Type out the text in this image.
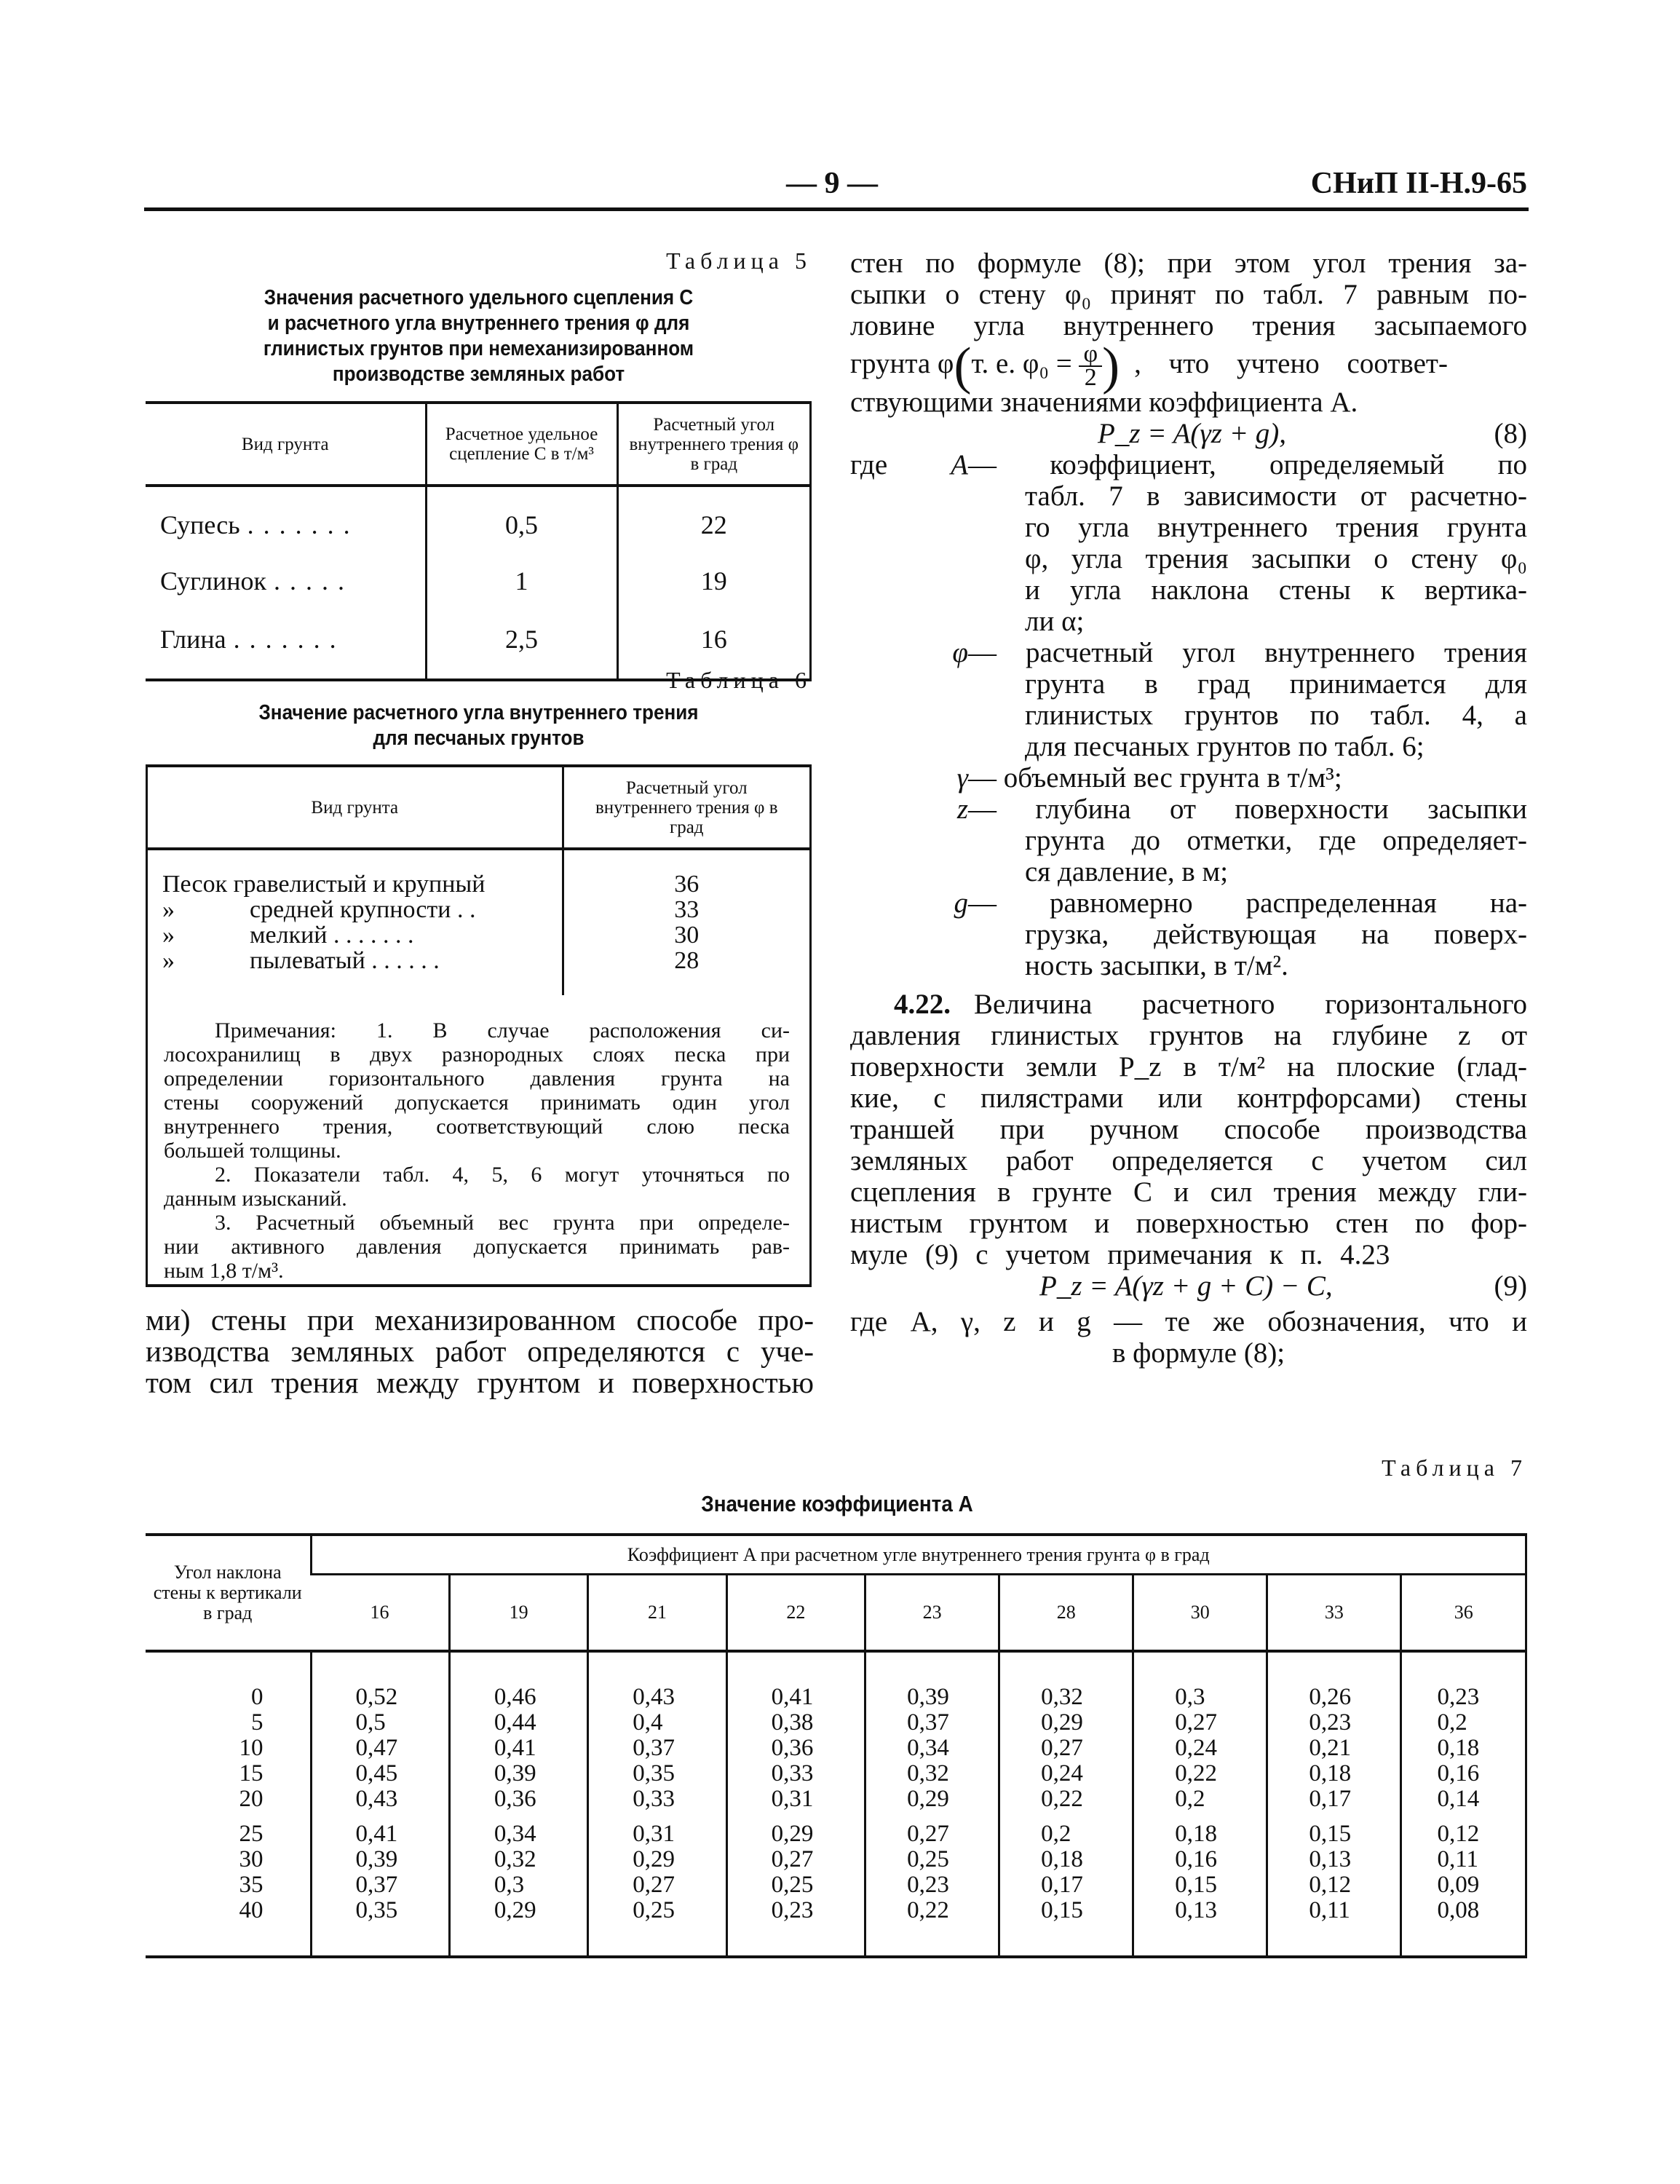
— 9 —	СНиП II-Н.9-65
Таблица 5
Значения расчетного удельного сцепления C
и расчетного угла внутреннего трения φ для
глинистых грунтов при немеханизированном
производстве земляных работ
Вид грунта	Расчетное удельное сцепление C в т/м³	Расчетный угол внутреннего трения φ в град
Супесь . . . . . . .	0,5	22
Суглинок . . . . .	1	19
Глина . . . . . . .	2,5	16
Таблица 6
Значение расчетного угла внутреннего трения
для песчаных грунтов
Вид грунта	Расчетный угол внутреннего трения φ в град
Песок гравелистый и крупный	36
» средней крупности . .	33
» мелкий . . . . . . .	30
» пылеватый . . . . . .	28

Примечания: 1. В случае расположения си-
лосохранилищ в двух разнородных слоях песка при
определении горизонтального давления грунта на
стены сооружений допускается принимать один угол
внутреннего трения, соответствующий слою песка
большей толщины.
2. Показатели табл. 4, 5, 6 могут уточняться по
данным изысканий.
3. Расчетный объемный вес грунта при определе-
нии активного давления допускается принимать рав-
ным 1,8 т/м³.
ми) стены при механизированном способе про-
изводства земляных работ определяются с уче-
том сил трения между грунтом и поверхностью
стен по формуле (8); при этом угол трения за-
сыпки о стену φ₀ принят по табл. 7 равным по-
ловине угла внутреннего трения засыпаемого
грунта φ(т. е. $\varphi_0 = \frac{\varphi}{2}$ ) , что учтено соответ-
ствующими значениями коэффициента A.
P_z = A(γz + g),	(8)
где A — коэффициент, определяемый по
табл. 7 в зависимости от расчетно-
го угла внутреннего трения грунта
φ, угла трения засыпки о стену φ₀
и угла наклона стены к вертика-
ли α;
φ — расчетный угол внутреннего трения
грунта в град принимается для
глинистых грунтов по табл. 4, а
для песчаных грунтов по табл. 6;
γ — объемный вес грунта в т/м³;
z — глубина от поверхности засыпки
грунта до отметки, где определяет-
ся давление, в м;
g — равномерно распределенная на-
грузка, действующая на поверх-
ность засыпки, в т/м².
4.22. Величина расчетного горизонтального
давления глинистых грунтов на глубине z от
поверхности земли P_z в т/м² на плоские (глад-
кие, с пилястрами или контрфорсами) стены
траншей при ручном способе производства
земляных работ определяется с учетом сил
сцепления в грунте C и сил трения между гли-
нистым грунтом и поверхностью стен по фор-
муле (9) с учетом примечания к п. 4.23
P_z = A(γz + g + C) − C,	(9)
где A, γ, z и g — те же обозначения, что и
в формуле (8);
Таблица 7
Значение коэффициента A
Угол наклона стены к вертикали в град	Коэффициент A при расчетном угле внутреннего трения грунта φ в град								
	16	19	21	22	23	28	30	33	36
0	0,52	0,46	0,43	0,41	0,39	0,32	0,3	0,26	0,23
5	0,5	0,44	0,4	0,38	0,37	0,29	0,27	0,23	0,2
10	0,47	0,41	0,37	0,36	0,34	0,27	0,24	0,21	0,18
15	0,45	0,39	0,35	0,33	0,32	0,24	0,22	0,18	0,16
20	0,43	0,36	0,33	0,31	0,29	0,22	0,2	0,17	0,14
25	0,41	0,34	0,31	0,29	0,27	0,2	0,18	0,15	0,12
30	0,39	0,32	0,29	0,27	0,25	0,18	0,16	0,13	0,11
35	0,37	0,3	0,27	0,25	0,23	0,17	0,15	0,12	0,09
40	0,35	0,29	0,25	0,23	0,22	0,15	0,13	0,11	0,08
